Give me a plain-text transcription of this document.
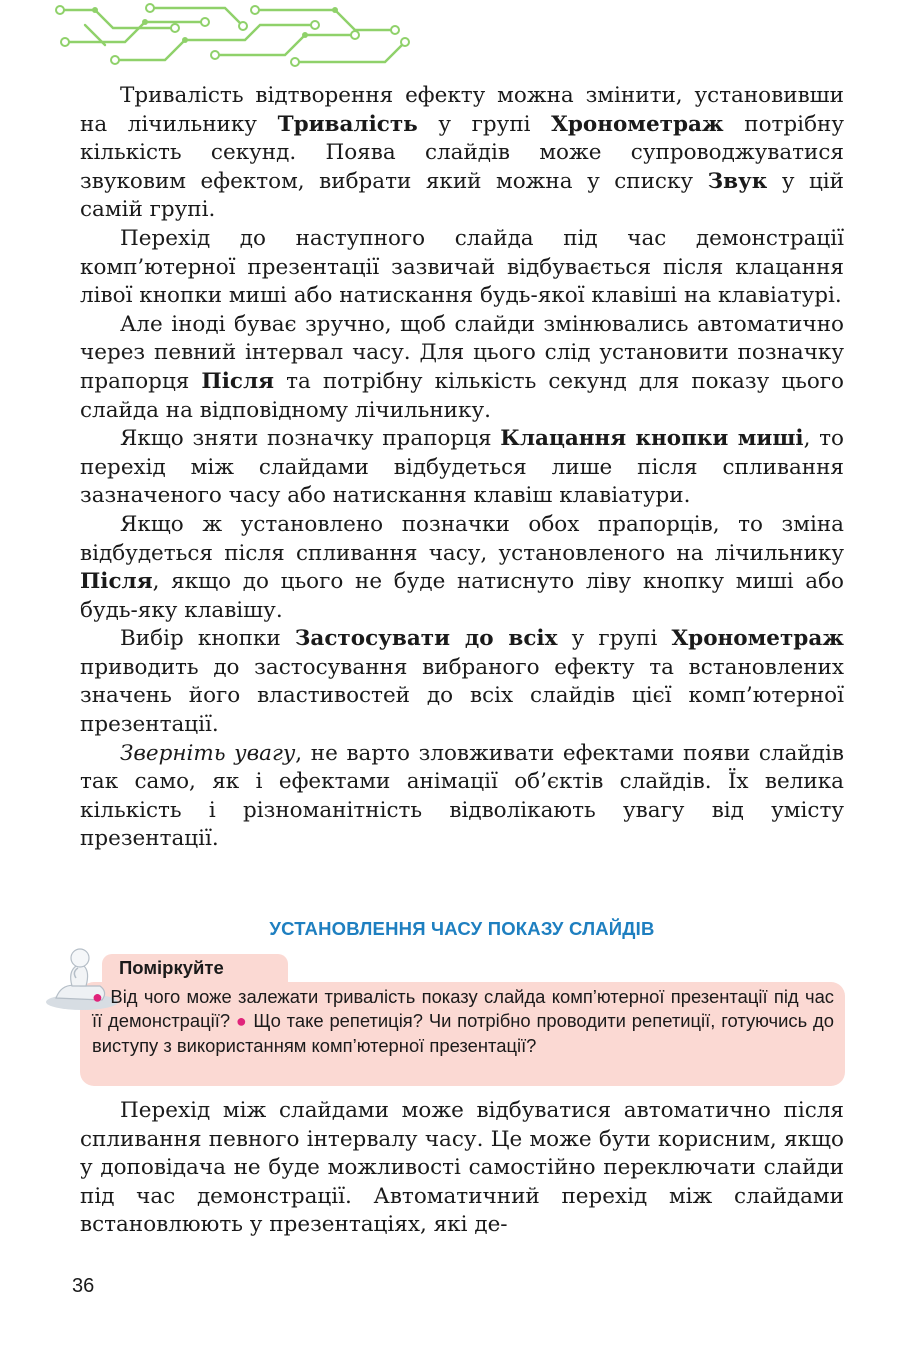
Тривалість відтворення ефекту можна змінити, установивши на лічильнику Тривалість у групі Хронометраж потрібну кількість секунд. Поява слайдів може супроводжуватися звуковим ефектом, вибрати який можна у списку Звук у цій самій групі.

Перехід до наступного слайда під час демонстрації комп’ютерної презентації зазвичай відбувається після клацання лівої кнопки миші або натискання будь-якої клавіші на клавіатурі.

Але іноді буває зручно, щоб слайди змінювались автоматично через певний інтервал часу. Для цього слід установити позначку прапорця Після та потрібну кількість секунд для показу цього слайда на відповідному лічильнику.

Якщо зняти позначку прапорця Клацання кнопки миші, то перехід між слайдами відбудеться лише після спливання зазначеного часу або натискання клавіш клавіатури.

Якщо ж установлено позначки обох прапорців, то зміна відбудеться після спливання часу, установленого на лічильнику Після, якщо до цього не буде натиснуто ліву кнопку миші або будь-яку клавішу.

Вибір кнопки Застосувати до всіх у групі Хронометраж приводить до застосування вибраного ефекту та встановлених значень його властивостей до всіх слайдів цієї комп’ютерної презентації.

Зверніть увагу, не варто зловживати ефектами появи слайдів так само, як і ефектами анімації об’єктів слайдів. Їх велика кількість і різноманітність відволікають увагу від умісту презентації.

УСТАНОВЛЕННЯ ЧАСУ ПОКАЗУ СЛАЙДІВ
Поміркуйте
● Від чого може залежати тривалість показу слайда комп’ютерної презентації під час її демонстрації? ● Що таке репетиція? Чи потрібно проводити репетиції, готуючись до виступу з використанням комп’ютерної презентації?

Перехід між слайдами може відбуватися автоматично після спливання певного інтервалу часу. Це може бути корисним, якщо у доповідача не буде можливості самостійно переключати слайди під час демонстрації. Автоматичний перехід між слайдами встановлюють у презентаціях, які де-

36
